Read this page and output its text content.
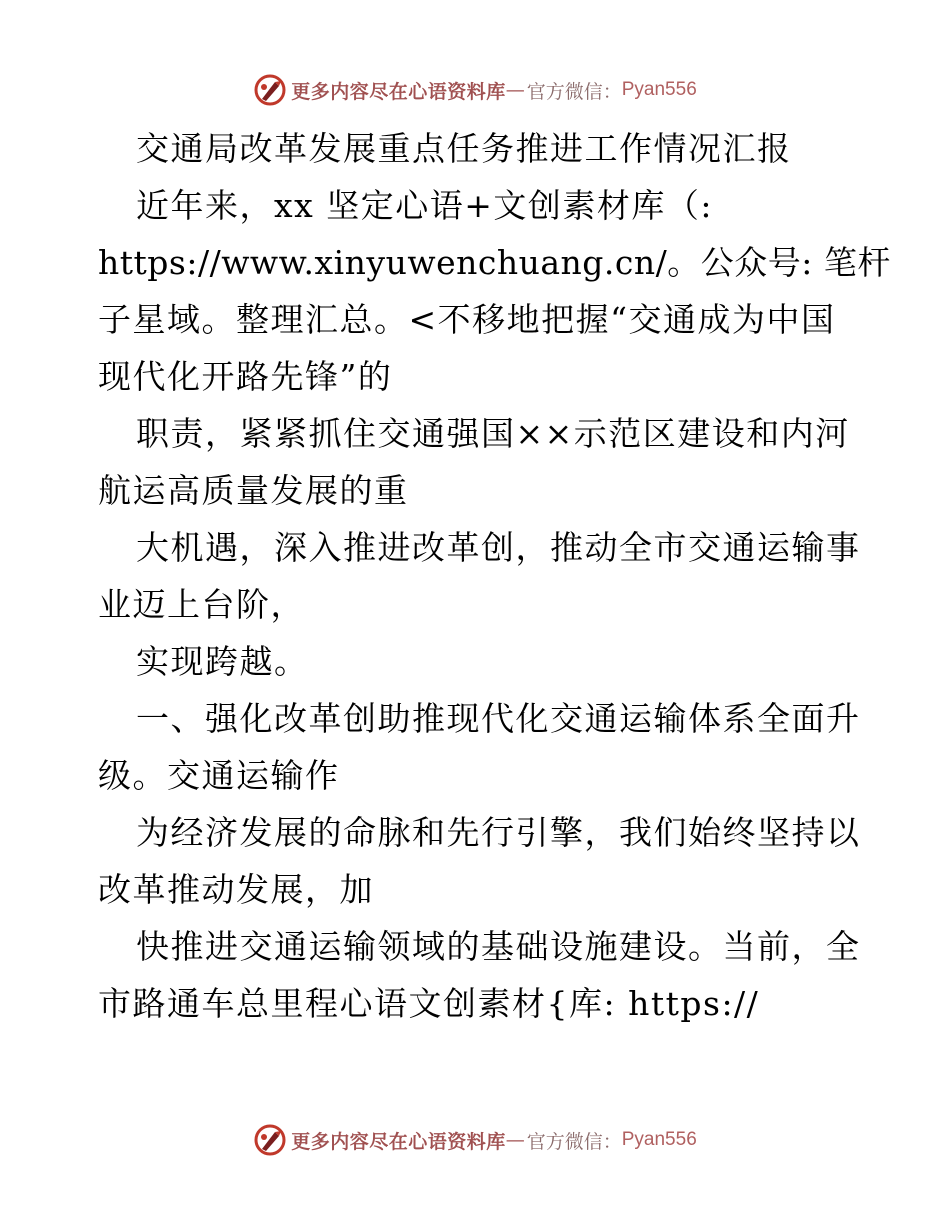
更多内容尽在心语资料库 — 官方微信： Pyan556
交通局改革发展重点任务推进工作情况汇报
近年来，xx 坚定心语+文创素材库（:
https://www.xinyuwenchuang.cn/。公众号: 笔杆
子星域。整理汇总。<不移地把握“交通成为中国
现代化开路先锋”的
职责，紧紧抓住交通强国××示范区建设和内河
航运高质量发展的重
大机遇，深入推进改革创，推动全市交通运输事
业迈上台阶，
实现跨越。
一、强化改革创助推现代化交通运输体系全面升
级。交通运输作
为经济发展的命脉和先行引擎，我们始终坚持以
改革推动发展，加
快推进交通运输领域的基础设施建设。当前，全
市路通车总里程心语文创素材{库: https://
更多内容尽在心语资料库 — 官方微信： Pyan556
